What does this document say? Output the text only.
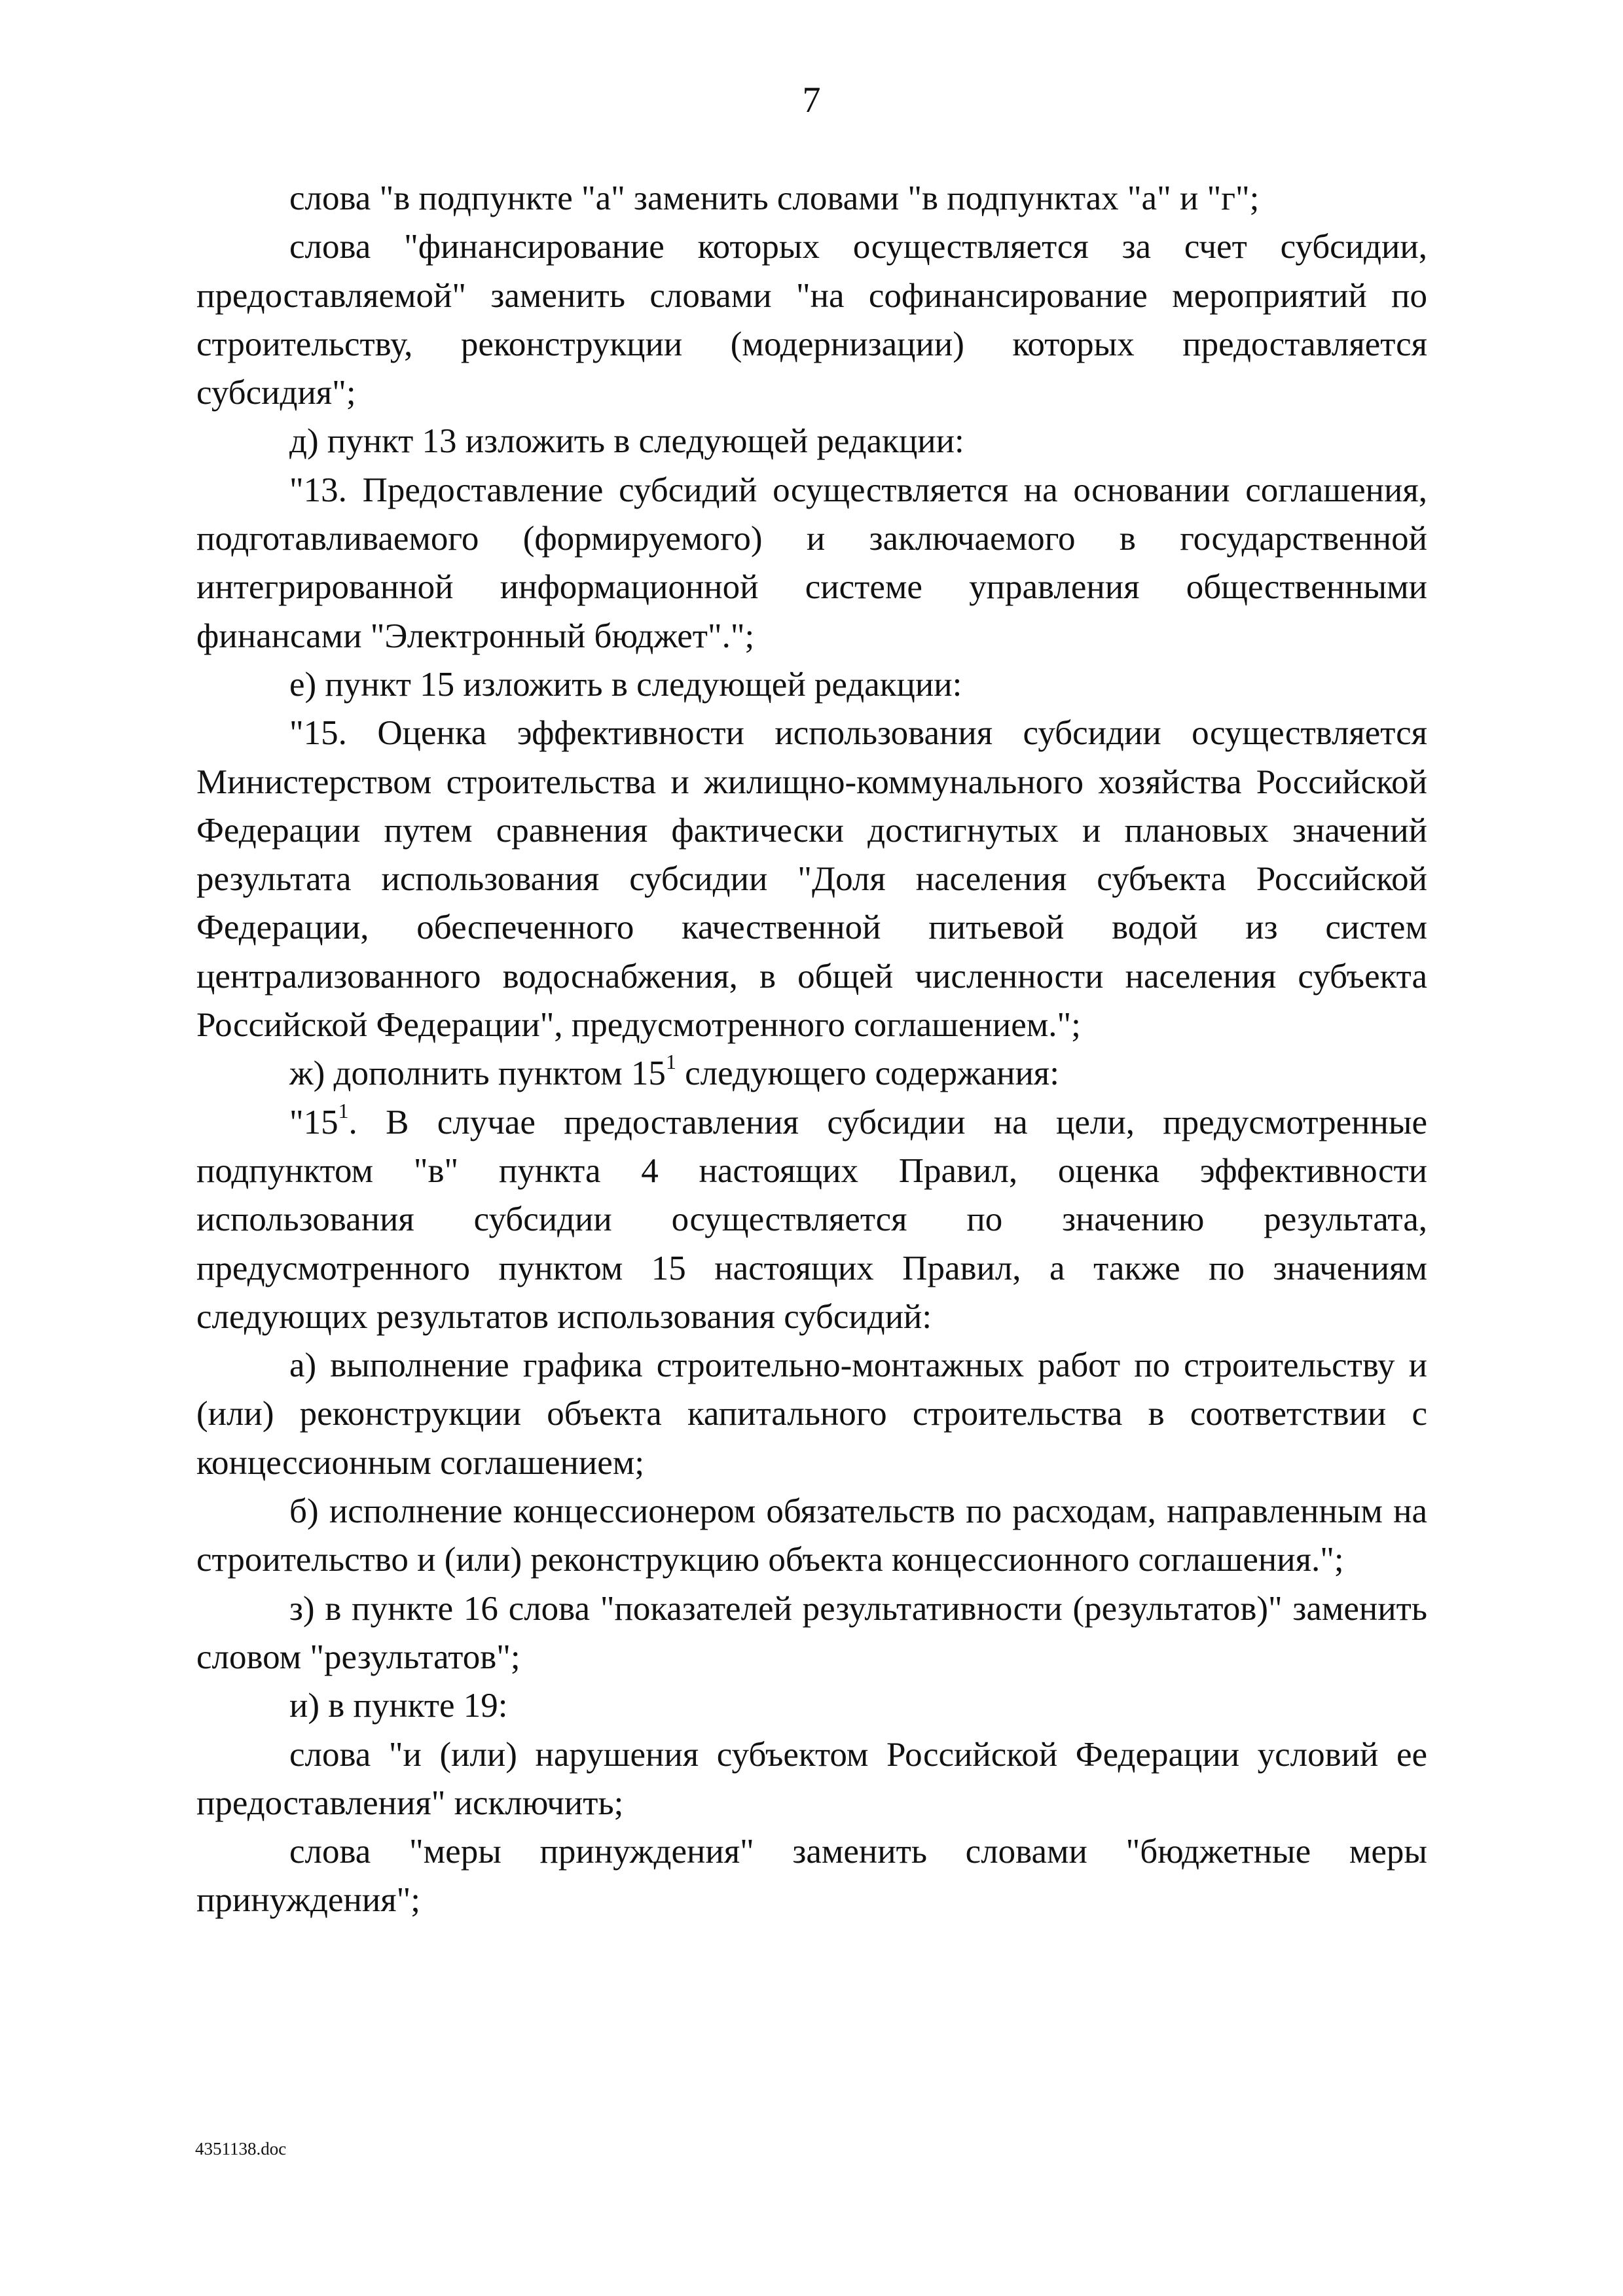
7

слова "в подпункте "а" заменить словами "в подпунктах "а" и "г";

слова "финансирование которых осуществляется за счет субсидии, предоставляемой" заменить словами "на софинансирование мероприятий по строительству, реконструкции (модернизации) которых предоставляется субсидия";

д) пункт 13 изложить в следующей редакции:

"13. Предоставление субсидий осуществляется на основании соглашения, подготавливаемого (формируемого) и заключаемого в государственной интегрированной информационной системе управления общественными финансами "Электронный бюджет".";

е) пункт 15 изложить в следующей редакции:

"15. Оценка эффективности использования субсидии осуществляется Министерством строительства и жилищно-коммунального хозяйства Российской Федерации путем сравнения фактически достигнутых и плановых значений результата использования субсидии "Доля населения субъекта Российской Федерации, обеспеченного качественной питьевой водой из систем централизованного водоснабжения, в общей численности населения субъекта Российской Федерации", предусмотренного соглашением.";

ж) дополнить пунктом $15^1$ следующего содержания:

"$15^1$. В случае предоставления субсидии на цели, предусмотренные подпунктом "в" пункта 4 настоящих Правил, оценка эффективности использования субсидии осуществляется по значению результата, предусмотренного пунктом 15 настоящих Правил, а также по значениям следующих результатов использования субсидий:

а) выполнение графика строительно-монтажных работ по строительству и (или) реконструкции объекта капитального строительства в соответствии с концессионным соглашением;

б) исполнение концессионером обязательств по расходам, направленным на строительство и (или) реконструкцию объекта концессионного соглашения.";

з) в пункте 16 слова "показателей результативности (результатов)" заменить словом "результатов";

и) в пункте 19:

слова "и (или) нарушения субъектом Российской Федерации условий ее предоставления" исключить;

слова "меры принуждения" заменить словами "бюджетные меры принуждения";

4351138.doc
